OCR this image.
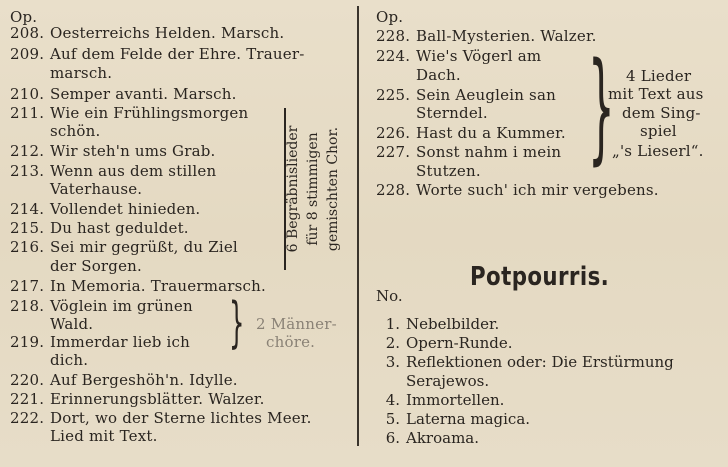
Op.
208. Oesterreichs Helden. Marsch.
209. Auf dem Felde der Ehre. Trauer-
marsch.
210. Semper avanti. Marsch.
211. Wie ein Frühlingsmorgen
schön.
212. Wir steh'n ums Grab.
213. Wenn aus dem stillen
Vaterhause.
214. Vollendet hinieden.
215. Du hast geduldet.
216. Sei mir gegrüßt, du Ziel
der Sorgen.
217. In Memoria. Trauermarsch.
218. Vöglein im grünen
Wald.
219. Immerdar lieb ich
dich.
220. Auf Bergeshöh'n. Idylle.
221. Erinnerungsblätter. Walzer.
222. Dort, wo der Sterne lichtes Meer.
Lied mit Text.
6 Begräbnislieder für 8 stimmigen gemischten Chor.
} 2 Männer-
chöre.
Op.
228. Ball-Mysterien. Walzer.
224. Wie's Vögerl am
Dach.
225. Sein Aeuglein san
Sterndel.
226. Hast du a Kummer.
227. Sonst nahm i mein
Stutzen.
228. Worte such' ich mir vergebens.
} 4 Lieder
mit Text aus
dem Sing-
spiel
„'s Lieserl“.
Potpourris.
No.
1. Nebelbilder.
2. Opern-Runde.
3. Reflektionen oder: Die Erstürmung
Serajewos.
4. Immortellen.
5. Laterna magica.
6. Akroama.
